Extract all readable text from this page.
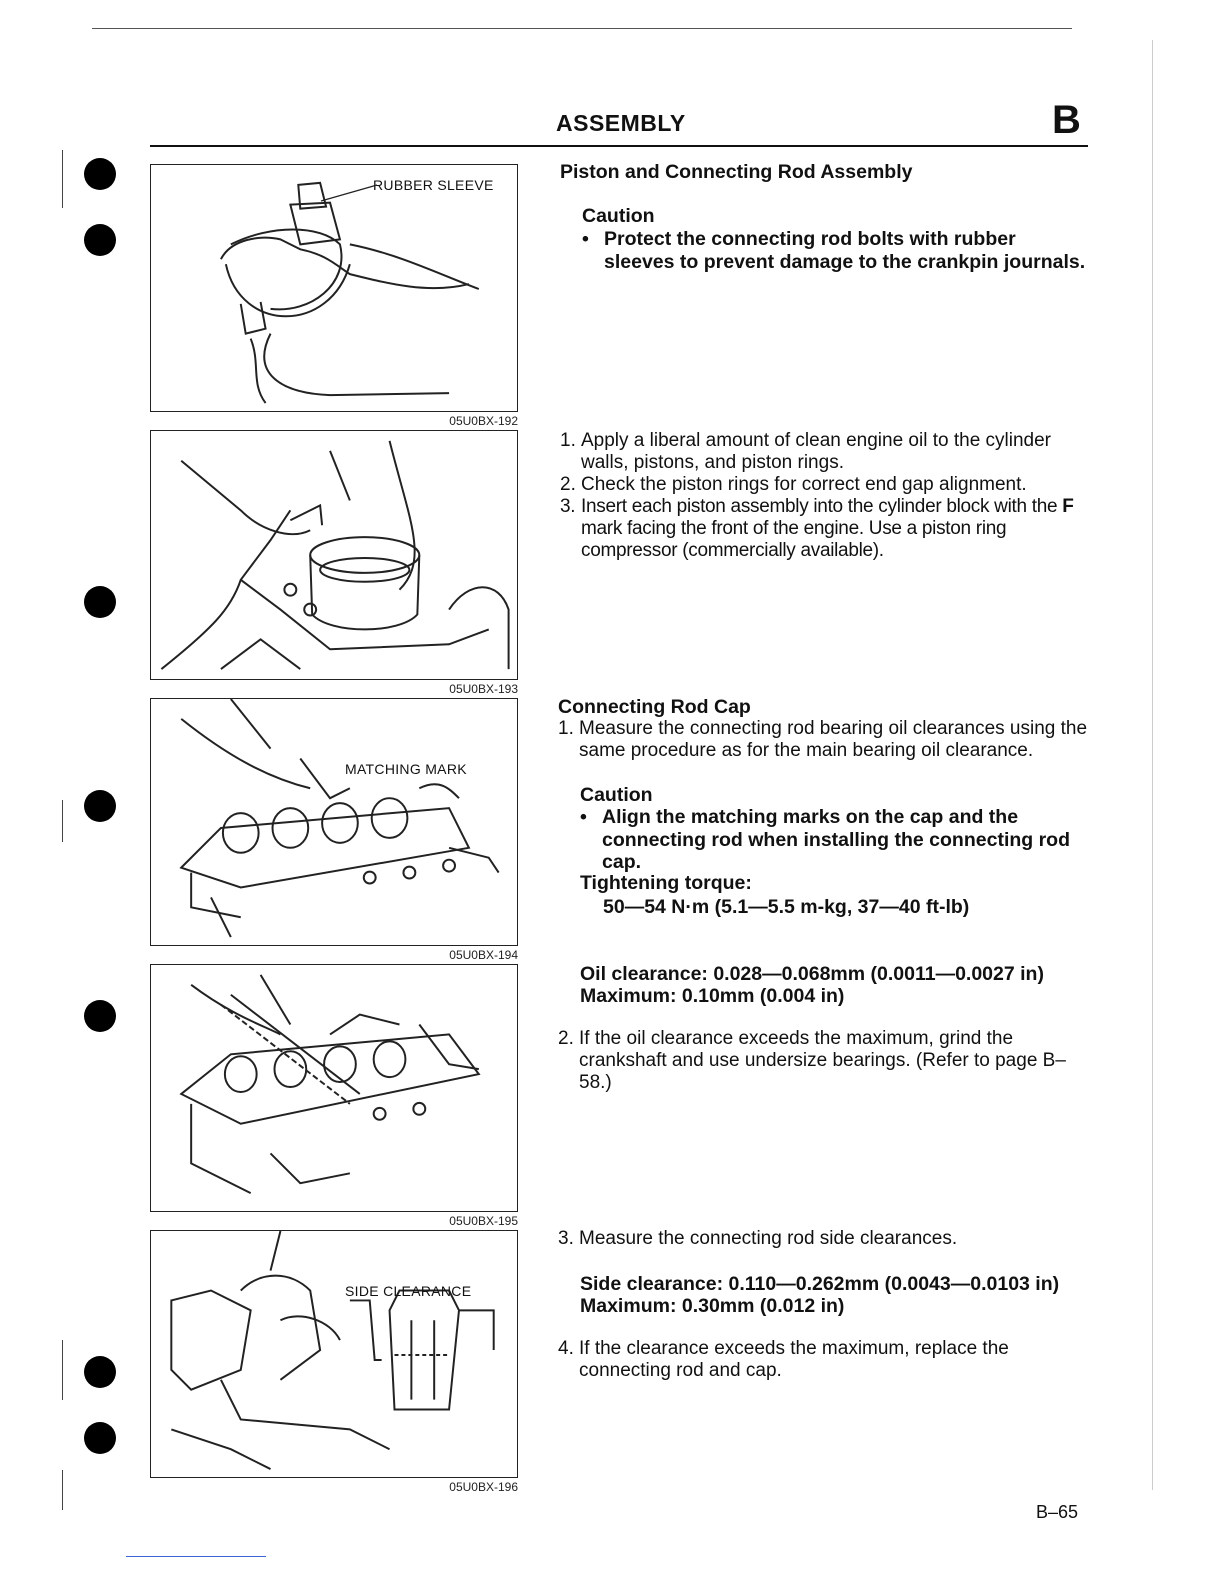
ASSEMBLY	B
RUBBER SLEEVE
05U0BX-192
05U0BX-193
MATCHING MARK
05U0BX-194
05U0BX-195
SIDE CLEARANCE
05U0BX-196
Piston and Connecting Rod Assembly
Caution
• Protect the connecting rod bolts with rubber sleeves to prevent damage to the crankpin journals.
1. Apply a liberal amount of clean engine oil to the cylinder walls, pistons, and piston rings.
2. Check the piston rings for correct end gap alignment.
3. Insert each piston assembly into the cylinder block with the F mark facing the front of the engine. Use a piston ring compressor (commercially available).
Connecting Rod Cap
1. Measure the connecting rod bearing oil clearances using the same procedure as for the main bearing oil clearance.
Caution
• Align the matching marks on the cap and the connecting rod when installing the connecting rod cap.
Tightening torque:
50—54 N·m (5.1—5.5 m-kg, 37—40 ft-lb)
Oil clearance: 0.028—0.068mm (0.0011—0.0027 in)
Maximum: 0.10mm (0.004 in)
2. If the oil clearance exceeds the maximum, grind the crankshaft and use undersize bearings. (Refer to page B–58.)
3. Measure the connecting rod side clearances.
Side clearance: 0.110—0.262mm (0.0043—0.0103 in)
Maximum: 0.30mm (0.012 in)
4. If the clearance exceeds the maximum, replace the connecting rod and cap.
B–65
